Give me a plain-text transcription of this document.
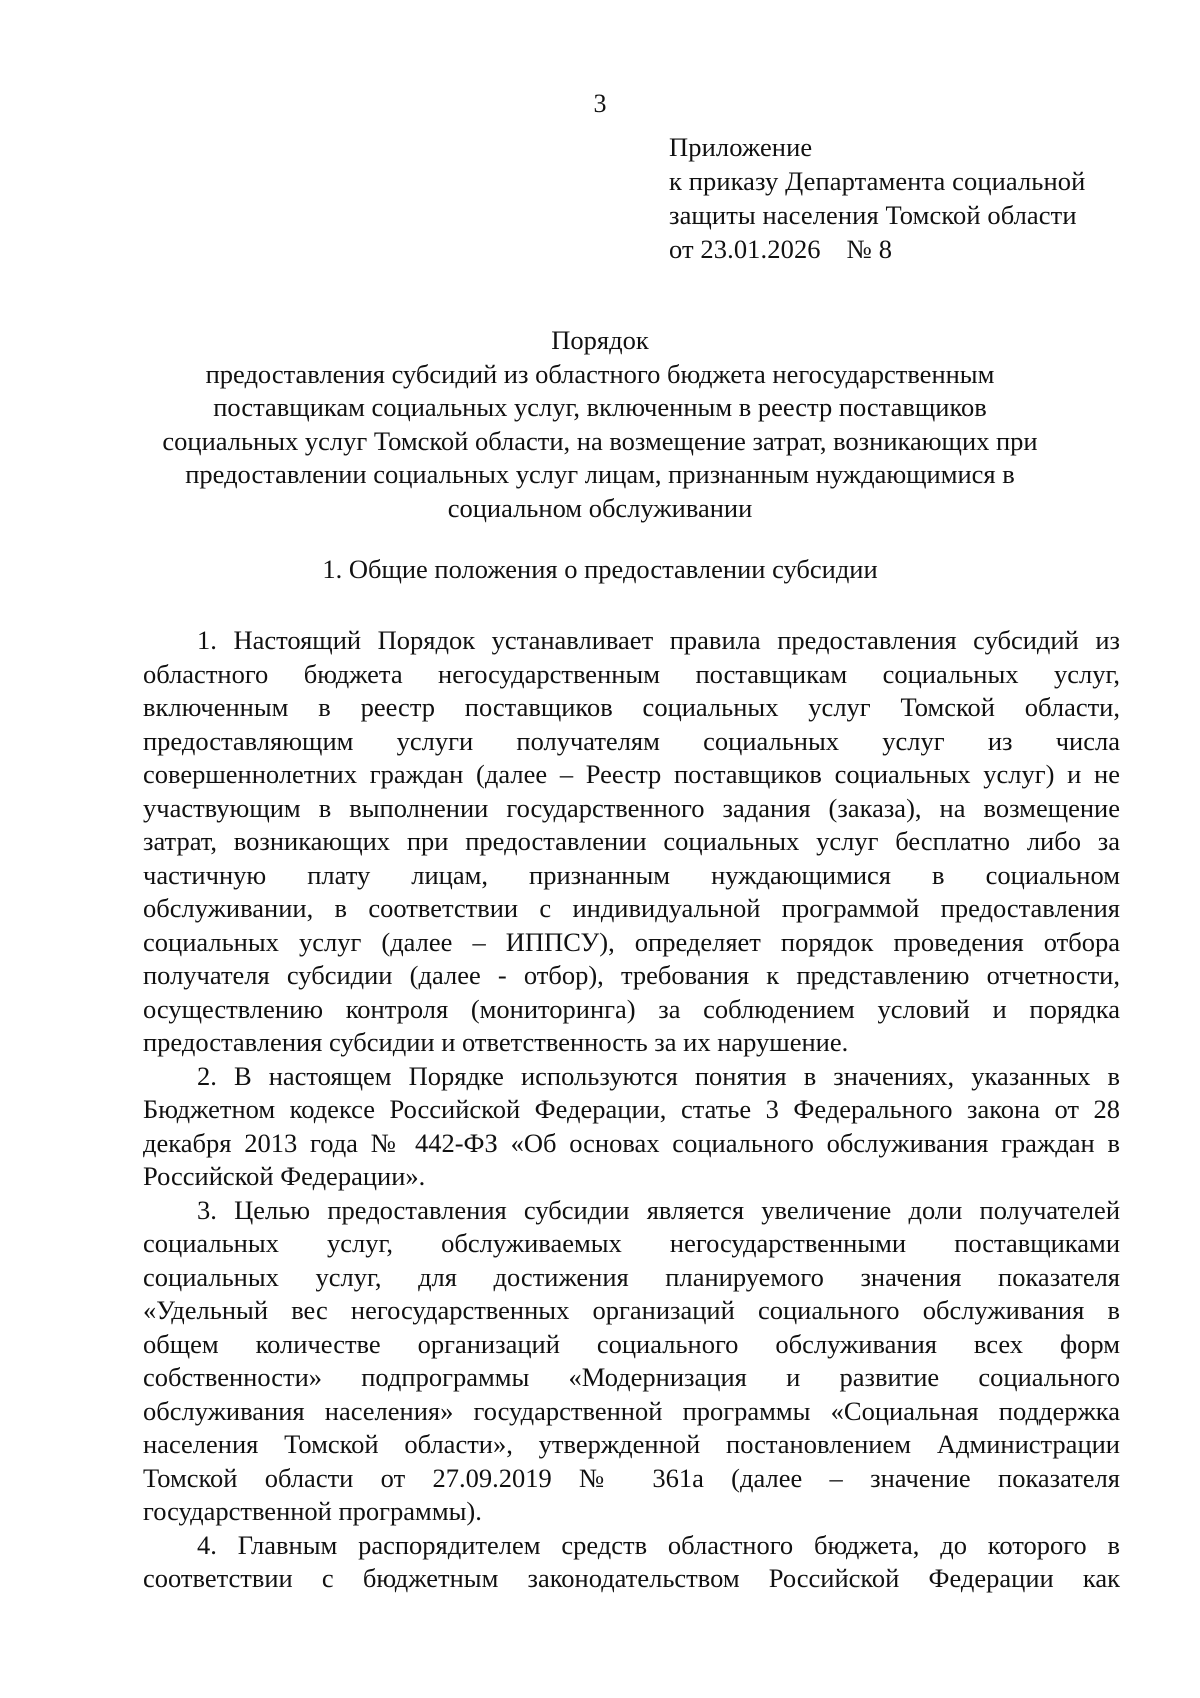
3
Приложение
к приказу Департамента социальной
защиты населения Томской области
от 23.01.2026 № 8
Порядок
предоставления субсидий из областного бюджета негосударственным
поставщикам социальных услуг, включенным в реестр поставщиков
социальных услуг Томской области, на возмещение затрат, возникающих при
предоставлении социальных услуг лицам, признанным нуждающимися в
социальном обслуживании
1. Общие положения о предоставлении субсидии
1. Настоящий Порядок устанавливает правила предоставления субсидий из
областного бюджета негосударственным поставщикам социальных услуг,
включенным в реестр поставщиков социальных услуг Томской области,
предоставляющим услуги получателям социальных услуг из числа
совершеннолетних граждан (далее – Реестр поставщиков социальных услуг) и не
участвующим в выполнении государственного задания (заказа), на возмещение
затрат, возникающих при предоставлении социальных услуг бесплатно либо за
частичную плату лицам, признанным нуждающимися в социальном
обслуживании, в соответствии с индивидуальной программой предоставления
социальных услуг (далее – ИППСУ), определяет порядок проведения отбора
получателя субсидии (далее - отбор), требования к представлению отчетности,
осуществлению контроля (мониторинга) за соблюдением условий и порядка
предоставления субсидии и ответственность за их нарушение.
2. В настоящем Порядке используются понятия в значениях, указанных в
Бюджетном кодексе Российской Федерации, статье 3 Федерального закона от 28
декабря 2013 года № 442-ФЗ «Об основах социального обслуживания граждан в
Российской Федерации».
3. Целью предоставления субсидии является увеличение доли получателей
социальных услуг, обслуживаемых негосударственными поставщиками
социальных услуг, для достижения планируемого значения показателя
«Удельный вес негосударственных организаций социального обслуживания в
общем количестве организаций социального обслуживания всех форм
собственности» подпрограммы «Модернизация и развитие социального
обслуживания населения» государственной программы «Социальная поддержка
населения Томской области», утвержденной постановлением Администрации
Томской области от 27.09.2019 № 361а (далее – значение показателя
государственной программы).
4. Главным распорядителем средств областного бюджета, до которого в
соответствии с бюджетным законодательством Российской Федерации как
